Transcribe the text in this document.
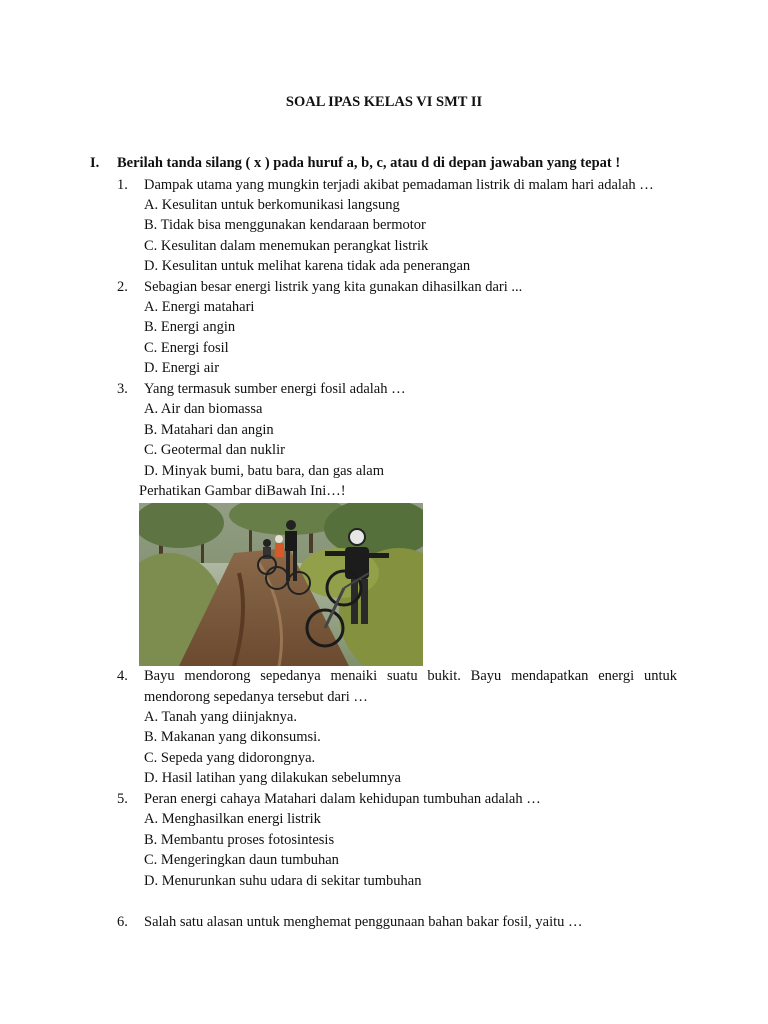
SOAL IPAS KELAS VI SMT II
I.	Berilah tanda silang ( x ) pada huruf a, b, c, atau d di depan jawaban yang tepat !
1.	Dampak utama yang mungkin terjadi akibat pemadaman listrik di malam hari adalah …
A. Kesulitan untuk berkomunikasi langsung
B. Tidak bisa menggunakan kendaraan bermotor
C. Kesulitan dalam menemukan perangkat listrik
D. Kesulitan untuk melihat karena tidak ada penerangan
2.	Sebagian besar energi listrik yang kita gunakan dihasilkan dari ...
A. Energi matahari
B. Energi angin
C. Energi fosil
D. Energi air
3.	Yang termasuk sumber energi fosil adalah …
A. Air dan biomassa
B. Matahari dan angin
C. Geotermal dan nuklir
D. Minyak bumi, batu bara, dan gas alam
Perhatikan Gambar diBawah Ini…!
4.	Bayu mendorong sepedanya menaiki suatu bukit. Bayu mendapatkan energi untuk mendorong sepedanya tersebut dari …
A. Tanah yang diinjaknya.
B. Makanan yang dikonsumsi.
C. Sepeda yang didorongnya.
D. Hasil latihan yang dilakukan sebelumnya
5.	Peran energi cahaya Matahari dalam kehidupan tumbuhan adalah …
A. Menghasilkan energi listrik
B. Membantu proses fotosintesis
C. Mengeringkan daun tumbuhan
D. Menurunkan suhu udara di sekitar tumbuhan
6.	Salah satu alasan untuk menghemat penggunaan bahan bakar fosil, yaitu …
